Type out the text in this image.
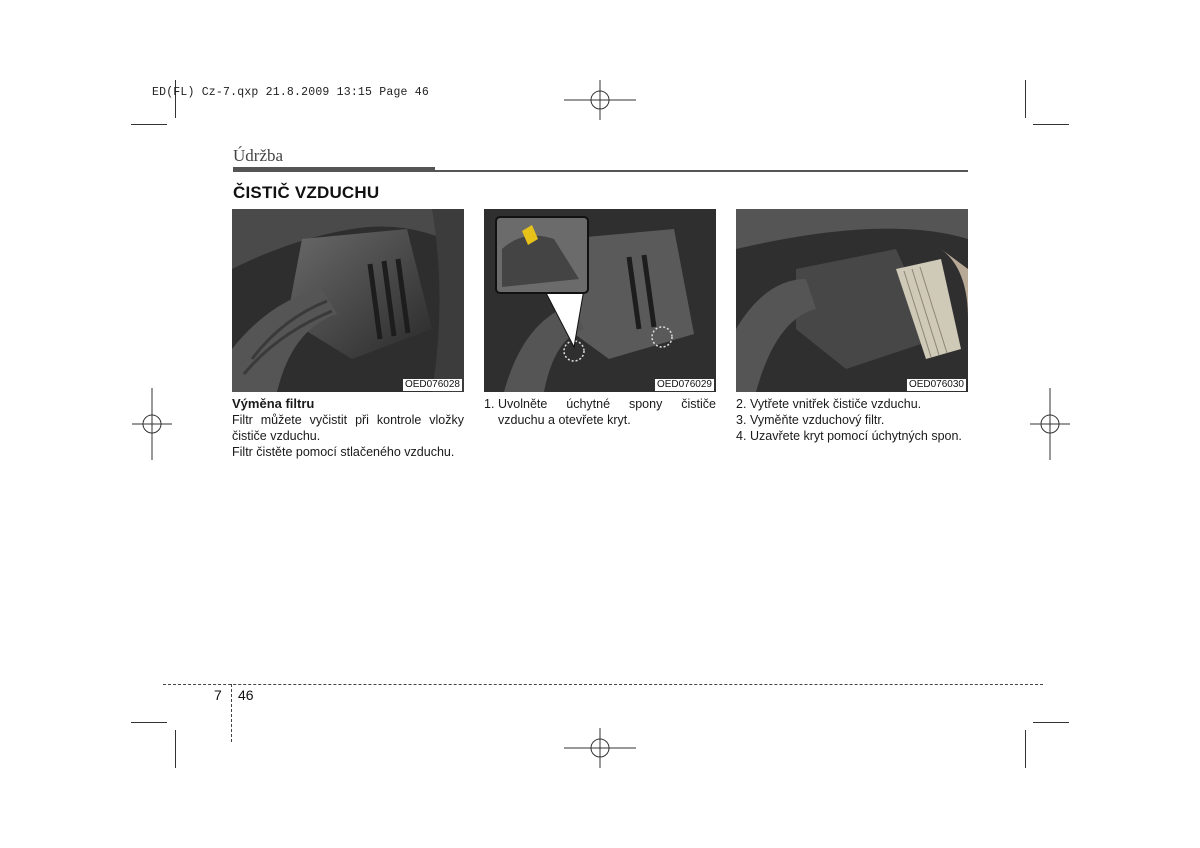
ED(FL) Cz-7.qxp 21.8.2009 13:15 Page 46
Údržba
ČISTIČ VZDUCHU
OED076028	OED076029	OED076030

Výměna filtru

Filtr můžete vyčistit při kontrole vložky čističe vzduchu.

Filtr čistěte pomocí stlačeného vzduchu.

1. Uvolněte úchytné spony čističe vzduchu a otevřete kryt.
2. Vytřete vnitřek čističe vzduchu.
3. Vyměňte vzduchový filtr.
4. Uzavřete kryt pomocí úchytných spon.
7 46
